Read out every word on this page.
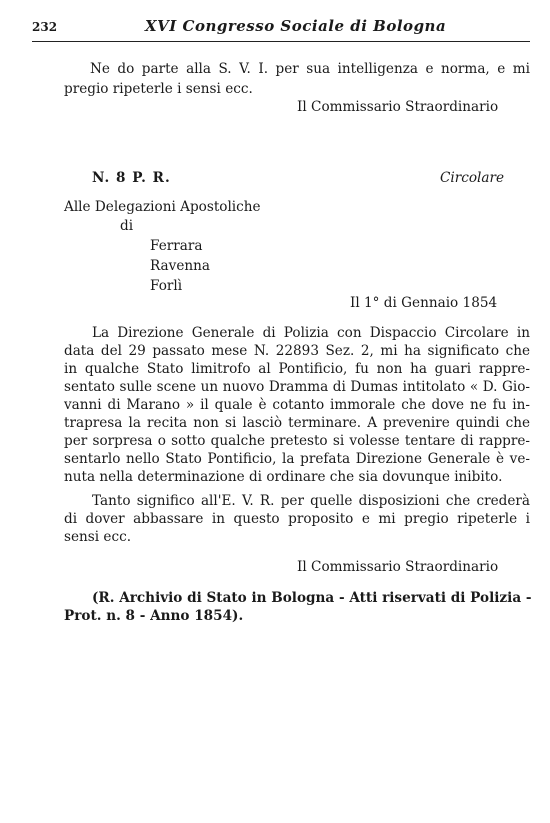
232	XVI Congresso Sociale di Bologna
Ne do parte alla S. V. I. per sua intelligenza e norma, e mi
pregio ripeterle i sensi ecc.
Il Commissario Straordinario
N. 8 P. R.	Circolare
Alle Delegazioni Apostoliche
di
Ferrara
Ravenna
Forlì
Il 1° di Gennaio 1854
La Direzione Generale di Polizia con Dispaccio Circolare in
data del 29 passato mese N. 22893 Sez. 2, mi ha significato che
in qualche Stato limitrofo al Pontificio, fu non ha guari rappre-
sentato sulle scene un nuovo Dramma di Dumas intitolato « D. Gio-
vanni di Marano » il quale è cotanto immorale che dove ne fu in-
trapresa la recita non si lasciò terminare. A prevenire quindi che
per sorpresa o sotto qualche pretesto si volesse tentare di rappre-
sentarlo nello Stato Pontificio, la prefata Direzione Generale è ve-
nuta nella determinazione di ordinare che sia dovunque inibito.
Tanto significo all'E. V. R. per quelle disposizioni che crederà
di dover abbassare in questo proposito e mi pregio ripeterle i
sensi ecc.
Il Commissario Straordinario
(R. Archivio di Stato in Bologna - Atti riservati di Polizia -
Prot. n. 8 - Anno 1854).
